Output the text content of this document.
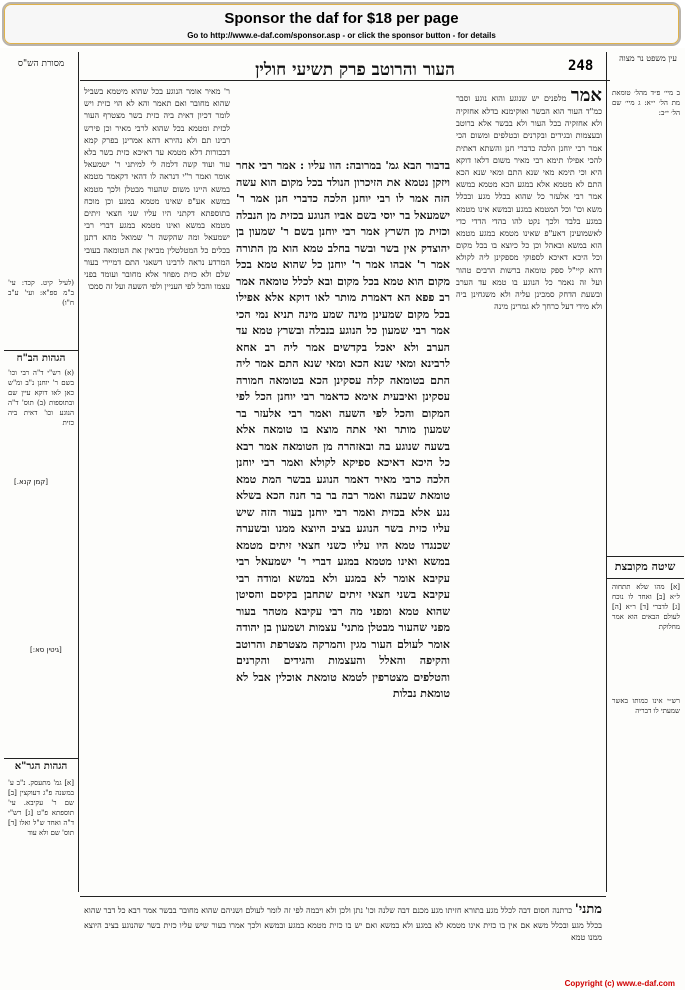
Sponsor the daf for $18 per page
Go to http://www.e-daf.com/sponsor.asp - or click the sponsor button - for details
עין משפט נר מצוה
248
העור והרוטב פרק תשיעי חולין
מסורת הש"ס
ב מיי׳ פ״ד מהל׳ טומאת מת הל׳ י״א: ג מיי׳ שם הל׳ י״ב:
שיטה מקובצת
[א] מהו שלא תתחוה ל״א [ב] ואחד לו נוכח [ג] לדברי [ד] ר״א [ה] לעולם הבאים הוא אמר מחלוקת
רש״י אינו כמותו באשר שמעתי לו דבריה
(לעיל קיט. קכד: עי' ב"מ ספ"א: ועי' ע"ב ח"ו)
הגהות הב"ח
(א) רש"י ד"ה רבי וכו' בשם ר' יוחנן נ"ב ומ"ש כאן לאו דוקא עיין שם ובתוספות (ב) תוס' ד"ה הנוגע וכו' דאית ביה כזית
[קמן קנא.]
[גיטין סא:]
הגהות הגר"א
[א] גמ' מתעסק. נ"ב ע' במשנה פ"ג דעוקצין [ב] שם ר' עקיבא. עי' תוספתא פ"ט [ג] רש"י ד"ה ואחד ש"ל ואלו [ד] תוס' שם ולא עוד
אמר מלפנים יש שנוגע והוא נוגע וסבר כמ"ד העור הוא הבשר ואוקימנא בדלא אחזקיה ולא אחזקיה בכל העור ולא בבשר אלא ברוטב ובעצמות ובגידים ובקרנים ובטלפים ומשום הכי אמר רבי יוחנן הלכה כדברי חנן והשתא דאתית להכי אפילו תימא רבי מאיר משום דלאו דוקא היא וכי תימא מאי שנא התם ומאי שנא הכא התם לא מטמא אלא במגע הכא מטמא במשא אמר רבי אלעזר כל שהוא בכלל מגע ובכלל משא וכו' וכל המטמא במגע ובמשא אינו מטמא במגע בלבד ולכך נקט להו בהדי הדדי כדי לאשמועינן דאע"פ שאינו מטמא במגע מטמא הוא במשא ובאהל וכן כל כיוצא בו בכל מקום וכל היכא דאיכא לספוקי מספקינן ליה לקולא דהא קיי"ל ספק טומאה ברשות הרבים טהור ועל זה נאמר כל הנוגע בו טמא עד הערב ובשעת הדחק סמכינן עליה ולא משגחינן ביה ולא מידי דעל כרחך לא גמרינן מינה
בדבור הבא גמ' במרובה: הוו עליו : אמר רבי אחר ויזקן נטמא את הזיכרון הנולד בכל מקום הוא עשה הזה אמר לו רבי יוחנן הלכה כדברי חנן אמר ר' ישמעאל בר יוסי בשם אביו הנוגע בכזית מן הנבלה וכזית מן השרץ אמר רבי יוחנן בשם ר' שמעון בן יהוצדק אין בשר ובשר בחלב טמא הוא מן התורה אמר ר' אבהו אמר ר' יוחנן כל שהוא טמא בכל מקום הוא טמא בכל מקום ובא לכלל טומאה אמר רב פפא הא דאמרת מותר לאו דוקא אלא אפילו בכל מקום שמעינן מינה שמע מינה תניא נמי הכי אמר רבי שמעון כל הנוגע בנבלה ובשרץ טמא עד הערב ולא יאכל בקדשים אמר ליה רב אחא לרבינא ומאי שנא הכא ומאי שנא התם אמר ליה התם בטומאה קלה עסקינן הכא בטומאה חמורה עסקינן ואיבעית אימא כדאמר רבי יוחנן הכל לפי המקום והכל לפי השעה ואמר רבי אלעזר בר שמעון מותר ואי אתה מוצא בו טומאה אלא בשעה שנוגע בה ובאזהרה מן הטומאה אמר רבא כל היכא דאיכא ספיקא לקולא ואמר רבי יוחנן הלכה כרבי מאיר דאמר הנוגע בבשר המת טמא טומאת שבעה ואמר רבה בר בר חנה הכא בשלא נגע אלא בכזית ואמר רבי יוחנן בעור הזה שיש עליו כזית בשר הנוגע בציב היוצא ממנו ובשערה שכנגדו טמא היו עליו כשני חצאי זיתים מטמא במשא ואינו מטמא במגע דברי ר' ישמעאל רבי עקיבא אומר לא במגע ולא במשא ומודה רבי עקיבא בשני חצאי זיתים שתחבן בקיסם והסיטן שהוא טמא ומפני מה רבי עקיבא מטהר בעור מפני שהעור מבטלן מתני' עצמות ושמעון בן יהודה אומר לעולם העור מגין והמרקה מצטרפת והרוטב והקיפה והאלל והעצמות והגידים והקרנים והטלפים מצטרפין לטמא טומאת אוכלין אבל לא טומאת נבלות
ר' מאיר אומר הנוגע בכל שהוא מיטמא בשביל שהוא מחובר ואם תאמר והא לא הוי כזית ויש לומר דכיון דאית ביה כזית בשר מצטרף העור לכזית ומטמא בכל שהוא לרבי מאיר וכן פירש רבינו תם ולא נהירא דהא אמרינן בפרק קמא דבכורות דלא מטמא עד דאיכא כזית בשר בלא עור ועוד קשה דלמה לי למיתני ר' ישמעאל אומר ואמר ר"י דנראה לו דהאי דקאמר מטמא במשא היינו משום שהעור מבטלן ולכך מטמא במשא אע"פ שאינו מטמא במגע וכן מוכח בתוספתא דקתני היו עליו שני חצאי זיתים מטמא במשא ואינו מטמא במגע דברי רבי ישמעאל ומה שהקשה ר' שמואל מהא דתנן בכלים כל המטלטלין מביאין את הטומאה בעובי המרדע נראה לרבינו דשאני התם דמיירי בעור שלם ולא כזית מפוזר אלא מחובר ועומד בפני עצמו והכל לפי העניין ולפי השעה ועל זה סמכו
מתני' כרתנה חסום דבה לכלל מגע בתורא חזיתו מגע מכנם דבה שלנה וכו' נתן ולכן ולא ויבמה לפי זה לומר לעולם ושניהם שהוא מחובר בבשר אמר רבא כל דבר שהוא בכלל מגע ובכלל משא אם אין בו כזית אינו מטמא לא במגע ולא במשא ואם יש בו כזית מטמא במגע ובמשא ולכך אמרו בעור שיש עליו כזית בשר שהנוגע בציב היוצא ממנו טמא
Copyright (c) www.e-daf.com
